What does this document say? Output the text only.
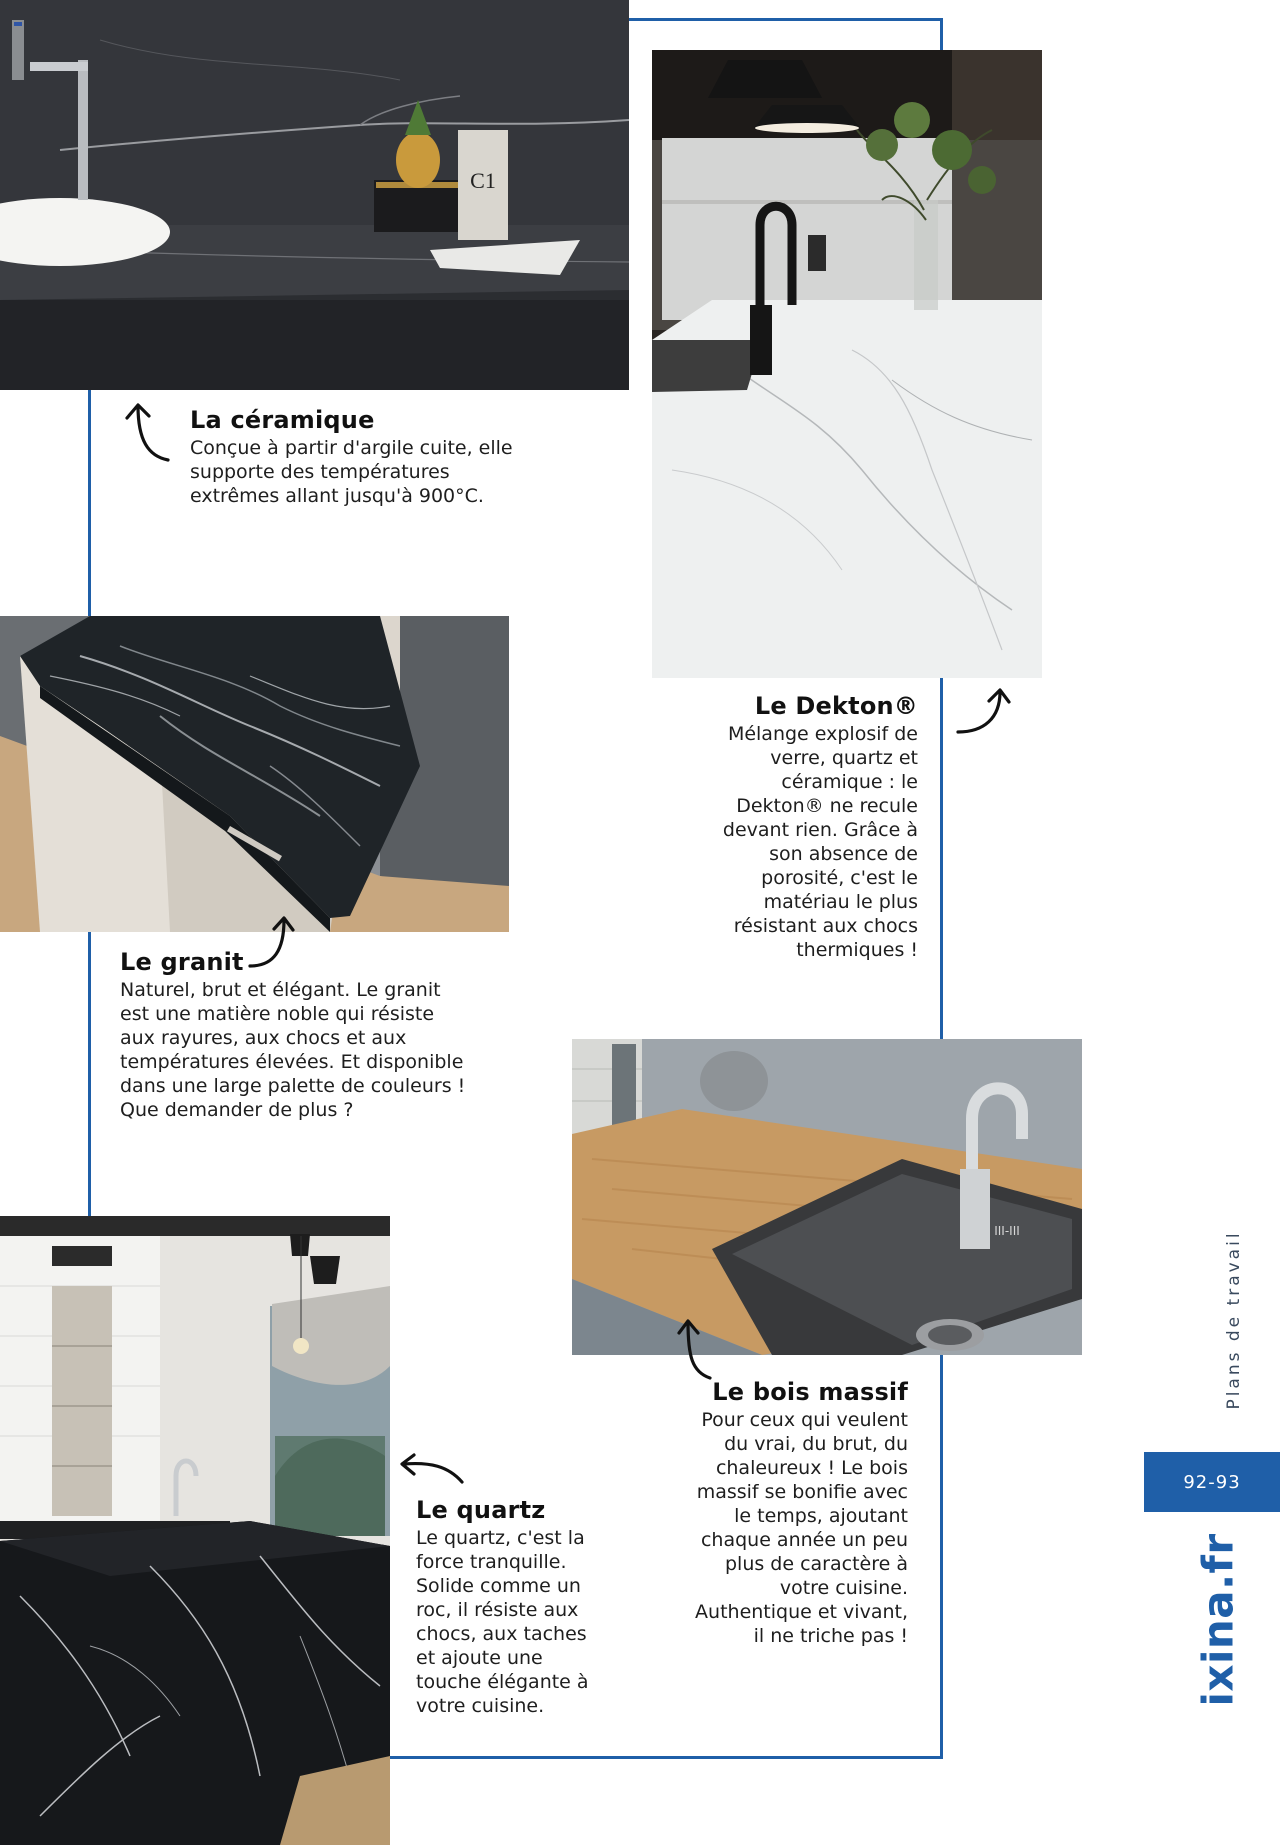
C1
III-III
La céramique

Conçue à partir d'argile cuite, elle supporte des températures extrêmes allant jusqu'à 900°C.

Le Dekton®

Mélange explosif de verre, quartz et céramique : le Dekton® ne recule devant rien. Grâce à son absence de porosité, c'est le matériau le plus résistant aux chocs thermiques !

Le granit

Naturel, brut et élégant. Le granit est une matière noble qui résiste aux rayures, aux chocs et aux températures élevées. Et disponible dans une large palette de couleurs ! Que demander de plus ?

Le bois massif

Pour ceux qui veulent du vrai, du brut, du chaleureux ! Le bois massif se bonifie avec le temps, ajoutant chaque année un peu plus de caractère à votre cuisine. Authentique et vivant, il ne triche pas !

Le quartz

Le quartz, c'est la force tranquille. Solide comme un roc, il résiste aux chocs, aux taches et ajoute une touche élégante à votre cuisine.

Plans de travail
92-93
ixina.fr
